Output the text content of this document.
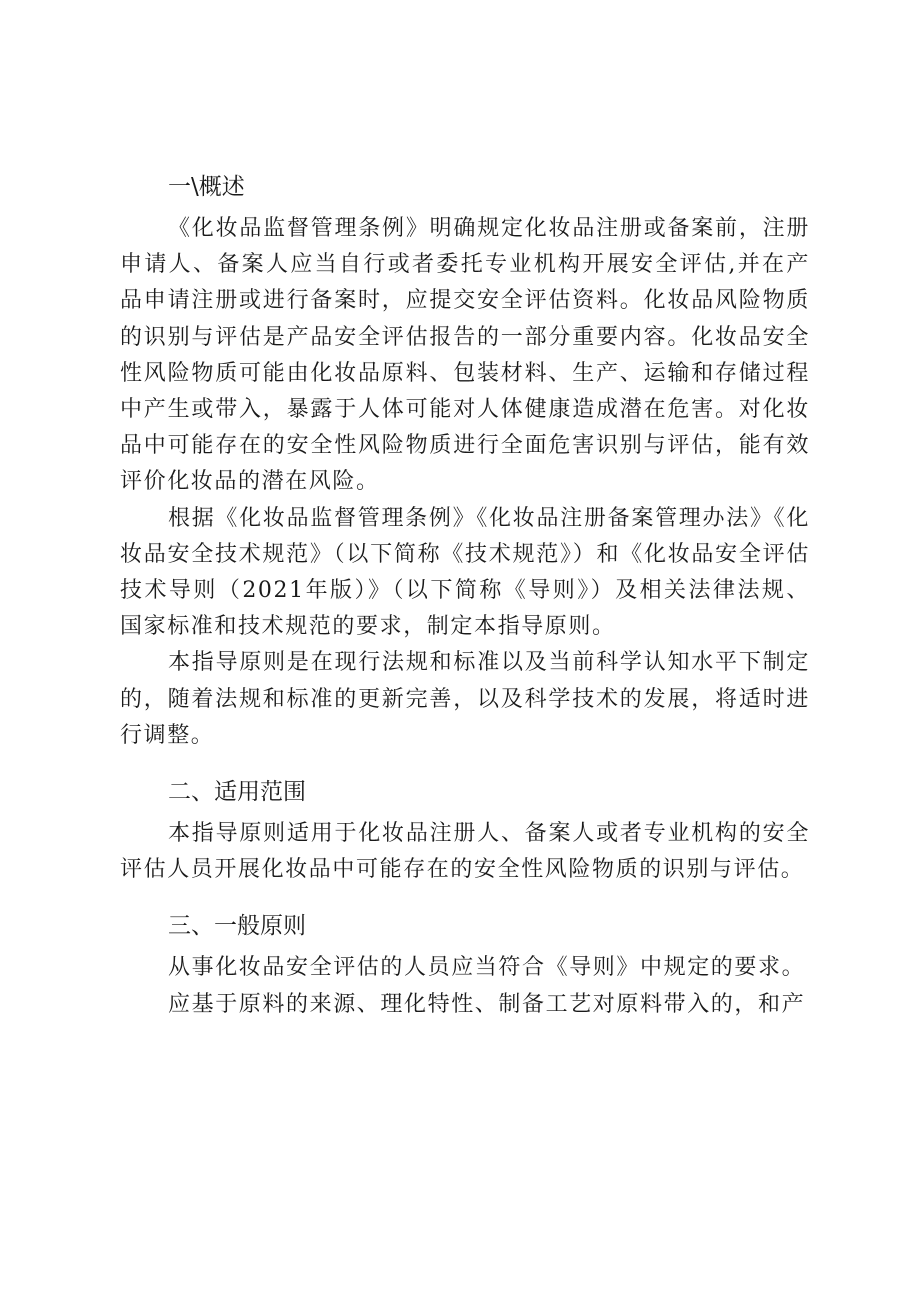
一\概述

《化妆品监督管理条例》明确规定化妆品注册或备案前，注册申请人、备案人应当自行或者委托专业机构开展安全评估,并在产品申请注册或进行备案时，应提交安全评估资料。化妆品风险物质的识别与评估是产品安全评估报告的一部分重要内容。化妆品安全性风险物质可能由化妆品原料、包装材料、生产、运输和存储过程中产生或带入，暴露于人体可能对人体健康造成潜在危害。对化妆品中可能存在的安全性风险物质进行全面危害识别与评估，能有效评价化妆品的潜在风险。

根据《化妆品监督管理条例》《化妆品注册备案管理办法》《化妆品安全技术规范》（以下简称《技术规范》）和《化妆品安全评估技术导则（2021年版）》（以下简称《导则》）及相关法律法规、国家标准和技术规范的要求，制定本指导原则。

本指导原则是在现行法规和标准以及当前科学认知水平下制定的，随着法规和标准的更新完善，以及科学技术的发展，将适时进行调整。

二、适用范围

本指导原则适用于化妆品注册人、备案人或者专业机构的安全评估人员开展化妆品中可能存在的安全性风险物质的识别与评估。

三、一般原则

从事化妆品安全评估的人员应当符合《导则》中规定的要求。

应基于原料的来源、理化特性、制备工艺对原料带入的，和产
